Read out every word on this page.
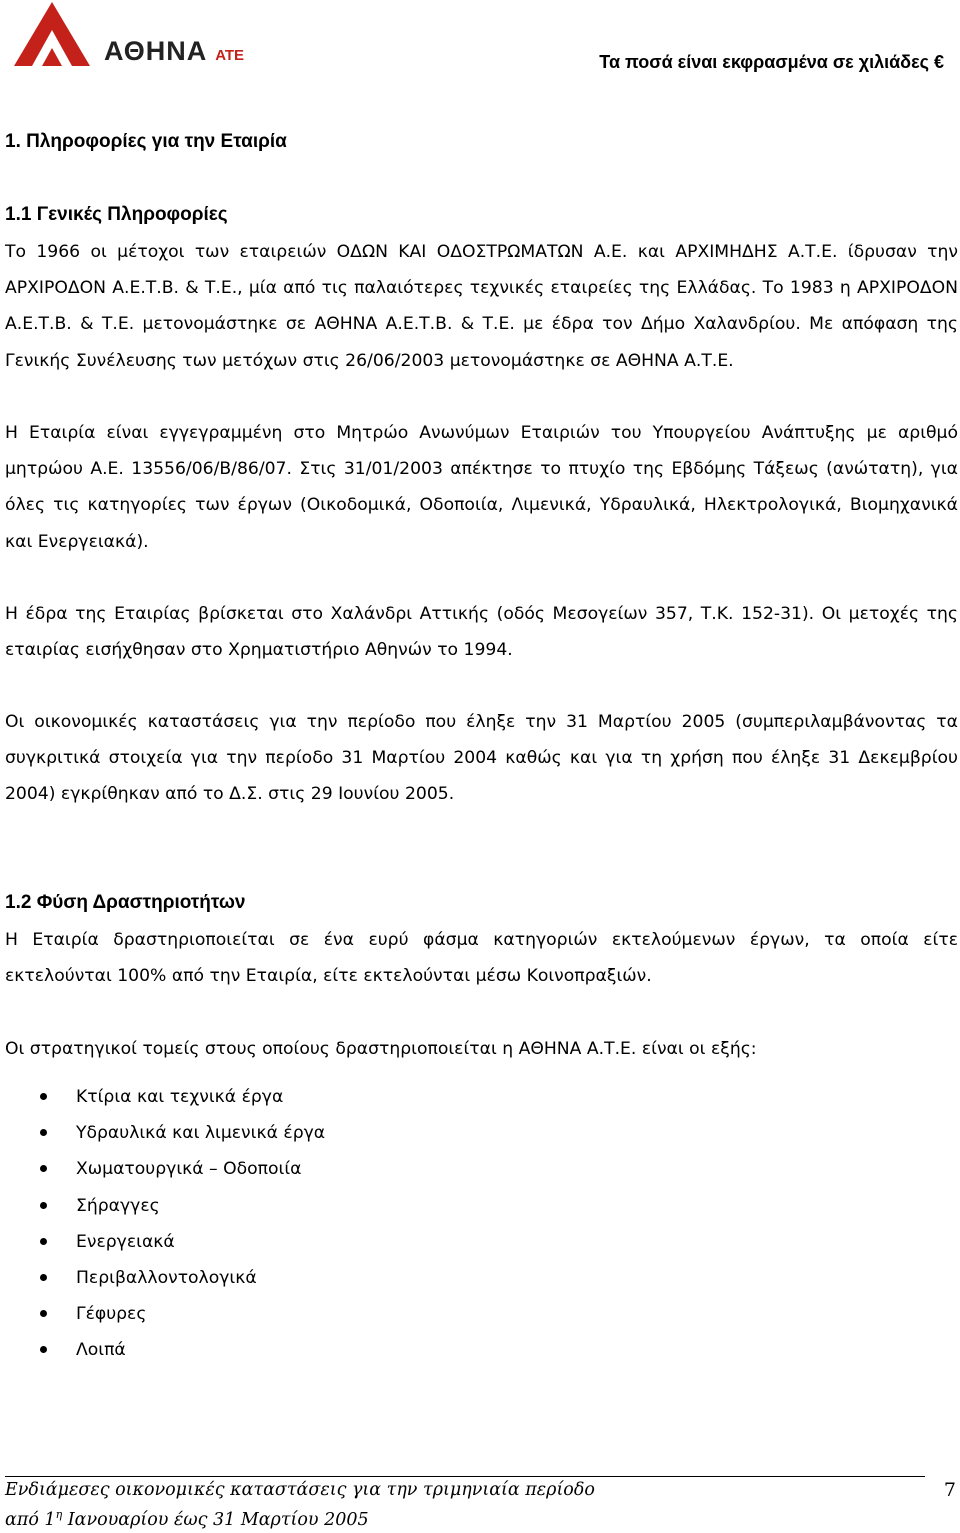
ΑΘΗΝΑ ΑΤΕ	Τα ποσά είναι εκφρασμένα σε χιλιάδες €
1. Πληροφορίες για την Εταιρία
1.1 Γενικές Πληροφορίες

Το 1966 οι μέτοχοι των εταιρειών ΟΔΩΝ ΚΑΙ ΟΔΟΣΤΡΩΜΑΤΩΝ Α.Ε. και ΑΡΧΙΜΗΔΗΣ Α.Τ.Ε. ίδρυσαν την ΑΡΧΙΡΟΔΟΝ Α.Ε.Τ.Β. & Τ.Ε., μία από τις παλαιότερες τεχνικές εταιρείες της Ελλάδας. Το 1983 η ΑΡΧΙΡΟΔΟΝ Α.Ε.Τ.Β. & Τ.Ε. μετονομάστηκε σε ΑΘΗΝΑ Α.Ε.Τ.Β. & Τ.Ε. με έδρα τον Δήμο Χαλανδρίου. Με απόφαση της Γενικής Συνέλευσης των μετόχων στις 26/06/2003 μετονομάστηκε σε ΑΘΗΝΑ Α.Τ.Ε.

Η Εταιρία είναι εγγεγραμμένη στο Μητρώο Ανωνύμων Εταιριών του Υπουργείου Ανάπτυξης με αριθμό μητρώου Α.Ε. 13556/06/Β/86/07. Στις 31/01/2003 απέκτησε το πτυχίο της Εβδόμης Τάξεως (ανώτατη), για όλες τις κατηγορίες των έργων (Οικοδομικά, Οδοποιία, Λιμενικά, Υδραυλικά, Ηλεκτρολογικά, Βιομηχανικά και Ενεργειακά).

Η έδρα της Εταιρίας βρίσκεται στο Χαλάνδρι Αττικής (οδός Μεσογείων 357, Τ.Κ. 152-31). Οι μετοχές της εταιρίας εισήχθησαν στο Χρηματιστήριο Αθηνών το 1994.

Οι οικονομικές καταστάσεις για την περίοδο που έληξε την 31 Μαρτίου 2005 (συμπεριλαμβάνοντας τα συγκριτικά στοιχεία για την περίοδο 31 Μαρτίου 2004 καθώς και για τη χρήση που έληξε 31 Δεκεμβρίου 2004) εγκρίθηκαν από το Δ.Σ. στις 29 Ιουνίου 2005.

1.2 Φύση Δραστηριοτήτων

Η Εταιρία δραστηριοποιείται σε ένα ευρύ φάσμα κατηγοριών εκτελούμενων έργων, τα οποία είτε εκτελούνται 100% από την Εταιρία, είτε εκτελούνται μέσω Κοινοπραξιών.

Οι στρατηγικοί τομείς στους οποίους δραστηριοποιείται η ΑΘΗΝΑ Α.Τ.Ε. είναι οι εξής:

Κτίρια και τεχνικά έργα
Υδραυλικά και λιμενικά έργα
Χωματουργικά – Οδοποιία
Σήραγγες
Ενεργειακά
Περιβαλλοντολογικά
Γέφυρες
Λοιπά
Ενδιάμεσες οικονομικές καταστάσεις για την τριμηνιαία περίοδο
από $1^\eta$ Ιανουαρίου έως 31 Μαρτίου 2005
7
